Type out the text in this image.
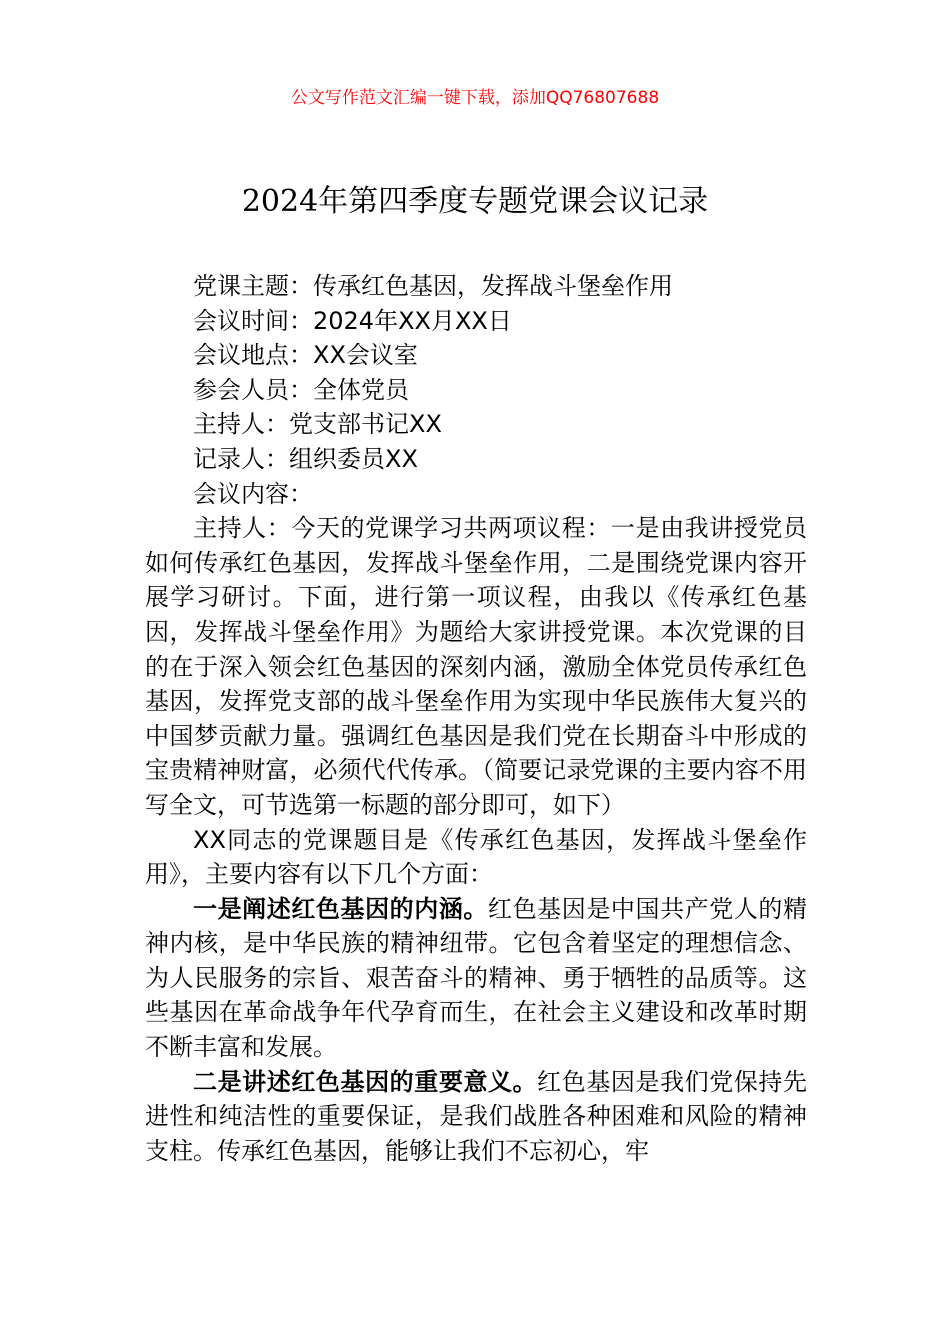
公文写作范文汇编一键下载，添加QQ76807688
2024年第四季度专题党课会议记录

党课主题：传承红色基因，发挥战斗堡垒作用

会议时间：2024年XX月XX日

会议地点：XX会议室

参会人员：全体党员

主持人：党支部书记XX

记录人：组织委员XX

会议内容：

主持人：今天的党课学习共两项议程：一是由我讲授党员如何传承红色基因，发挥战斗堡垒作用，二是围绕党课内容开展学习研讨。下面，进行第一项议程，由我以《传承红色基因，发挥战斗堡垒作用》为题给大家讲授党课。本次党课的目的在于深入领会红色基因的深刻内涵，激励全体党员传承红色基因，发挥党支部的战斗堡垒作用为实现中华民族伟大复兴的中国梦贡献力量。强调红色基因是我们党在长期奋斗中形成的宝贵精神财富，必须代代传承。（简要记录党课的主要内容不用写全文，可节选第一标题的部分即可，如下）

XX同志的党课题目是《传承红色基因，发挥战斗堡垒作用》，主要内容有以下几个方面：

一是阐述红色基因的内涵。红色基因是中国共产党人的精神内核，是中华民族的精神纽带。它包含着坚定的理想信念、为人民服务的宗旨、艰苦奋斗的精神、勇于牺牲的品质等。这些基因在革命战争年代孕育而生，在社会主义建设和改革时期不断丰富和发展。

二是讲述红色基因的重要意义。红色基因是我们党保持先进性和纯洁性的重要保证，是我们战胜各种困难和风险的精神支柱。传承红色基因，能够让我们不忘初心，牢
